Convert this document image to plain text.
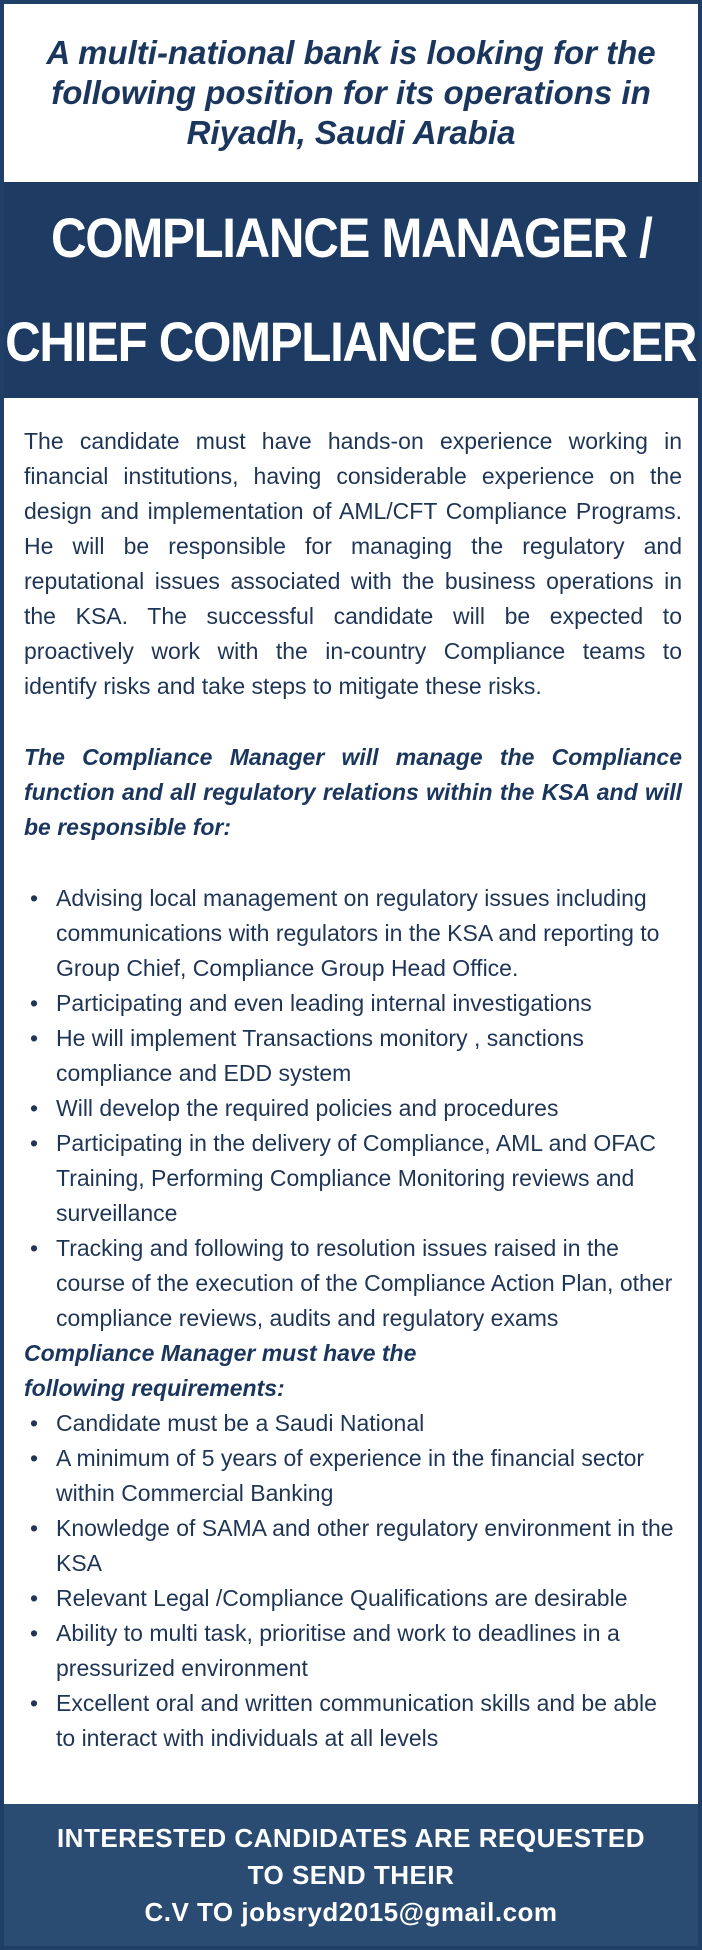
A multi-national bank is looking for the following position for its operations in Riyadh, Saudi Arabia
COMPLIANCE MANAGER /
CHIEF COMPLIANCE OFFICER

The candidate must have hands-on experience working in financial institutions, having considerable experience on the design and implementation of AML/CFT Compliance Programs. He will be responsible for managing the regulatory and reputational issues associated with the business operations in the KSA. The successful candidate will be expected to proactively work with the in-country Compliance teams to identify risks and take steps to mitigate these risks.

The Compliance Manager will manage the Compliance function and all regulatory relations within the KSA and will be responsible for:

• Advising local management on regulatory issues including communications with regulators in the KSA and reporting to Group Chief, Compliance Group Head Office.
• Participating and even leading internal investigations
• He will implement Transactions monitory , sanctions compliance and EDD system
• Will develop the required policies and procedures
• Participating in the delivery of Compliance, AML and OFAC Training, Performing Compliance Monitoring reviews and surveillance
• Tracking and following to resolution issues raised in the course of the execution of the Compliance Action Plan, other compliance reviews, audits and regulatory exams

Compliance Manager must have the following requirements:

• Candidate must be a Saudi National
• A minimum of 5 years of experience in the financial sector within Commercial Banking
• Knowledge of SAMA and other regulatory environment in the KSA
• Relevant Legal /Compliance Qualifications are desirable
• Ability to multi task, prioritise and work to deadlines in a pressurized environment
• Excellent oral and written communication skills and be able to interact with individuals at all levels
INTERESTED CANDIDATES ARE REQUESTED
TO SEND THEIR
C.V TO jobsryd2015@gmail.com
